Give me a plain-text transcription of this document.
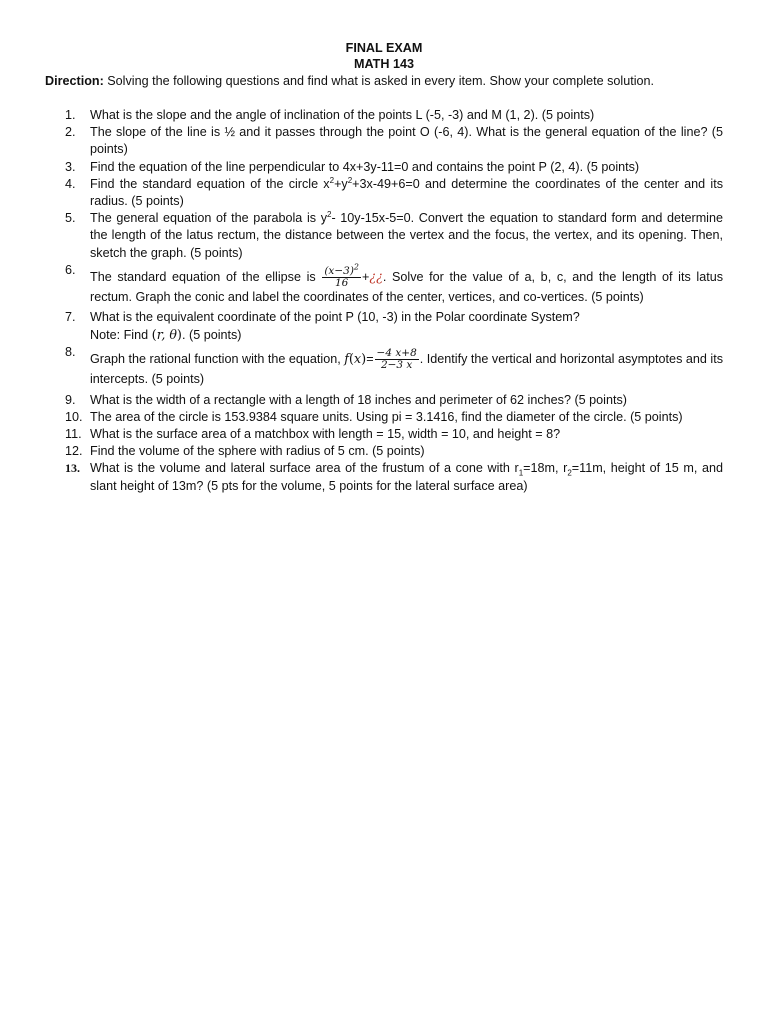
FINAL EXAM
MATH 143
Direction: Solving the following questions and find what is asked in every item. Show your complete solution.
1. What is the slope and the angle of inclination of the points L (-5, -3) and M (1, 2). (5 points)
2. The slope of the line is ½ and it passes through the point O (-6, 4). What is the general equation of the line? (5 points)
3. Find the equation of the line perpendicular to 4x+3y-11=0 and contains the point P (2, 4). (5 points)
4. Find the standard equation of the circle $x^2+y^2+3x-49+6=0$ and determine the coordinates of the center and its radius. (5 points)
5. The general equation of the parabola is $y^2-$ 10y-15x-5=0. Convert the equation to standard form and determine the length of the latus rectum, the distance between the vertex and the focus, the vertex, and its opening. Then, sketch the graph. (5 points)
6. The standard equation of the ellipse is $\frac{(x-3)^2}{16}$ +¿¿. Solve for the value of a, b, c, and the length of its latus rectum. Graph the conic and label the coordinates of the center, vertices, and co-vertices. (5 points)
7. What is the equivalent coordinate of the point P (10, -3) in the Polar coordinate System?
Note: Find (r, θ). (5 points)
8. Graph the rational function with the equation, $f(x)= \frac{-4 x+8}{2-3 x}$ . Identify the vertical and horizontal asymptotes and its intercepts. (5 points)
9. What is the width of a rectangle with a length of 18 inches and perimeter of 62 inches? (5 points)
10. The area of the circle is 153.9384 square units. Using pi = 3.1416, find the diameter of the circle. (5 points)
11. What is the surface area of a matchbox with length = 15, width = 10, and height = 8?
12. Find the volume of the sphere with radius of 5 cm. (5 points)
13. What is the volume and lateral surface area of the frustum of a cone with $r_1=18m$, $r_2=11m$, height of 15 m, and slant height of 13m? (5 pts for the volume, 5 points for the lateral surface area)
